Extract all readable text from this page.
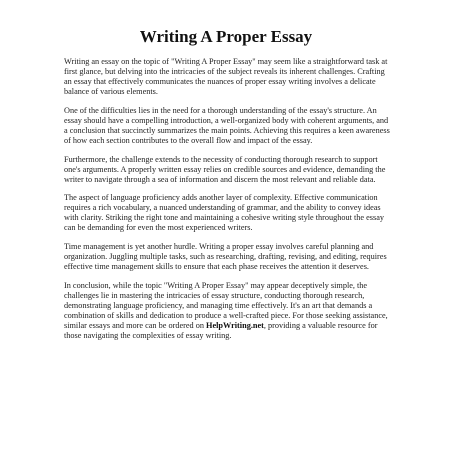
Writing A Proper Essay

Writing an essay on the topic of "Writing A Proper Essay" may seem like a straightforward task at first glance, but delving into the intricacies of the subject reveals its inherent challenges. Crafting an essay that effectively communicates the nuances of proper essay writing involves a delicate balance of various elements.

One of the difficulties lies in the need for a thorough understanding of the essay's structure. An essay should have a compelling introduction, a well-organized body with coherent arguments, and a conclusion that succinctly summarizes the main points. Achieving this requires a keen awareness of how each section contributes to the overall flow and impact of the essay.

Furthermore, the challenge extends to the necessity of conducting thorough research to support one's arguments. A properly written essay relies on credible sources and evidence, demanding the writer to navigate through a sea of information and discern the most relevant and reliable data.

The aspect of language proficiency adds another layer of complexity. Effective communication requires a rich vocabulary, a nuanced understanding of grammar, and the ability to convey ideas with clarity. Striking the right tone and maintaining a cohesive writing style throughout the essay can be demanding for even the most experienced writers.

Time management is yet another hurdle. Writing a proper essay involves careful planning and organization. Juggling multiple tasks, such as researching, drafting, revising, and editing, requires effective time management skills to ensure that each phase receives the attention it deserves.

In conclusion, while the topic "Writing A Proper Essay" may appear deceptively simple, the challenges lie in mastering the intricacies of essay structure, conducting thorough research, demonstrating language proficiency, and managing time effectively. It's an art that demands a combination of skills and dedication to produce a well-crafted piece. For those seeking assistance, similar essays and more can be ordered on HelpWriting.net, providing a valuable resource for those navigating the complexities of essay writing.
